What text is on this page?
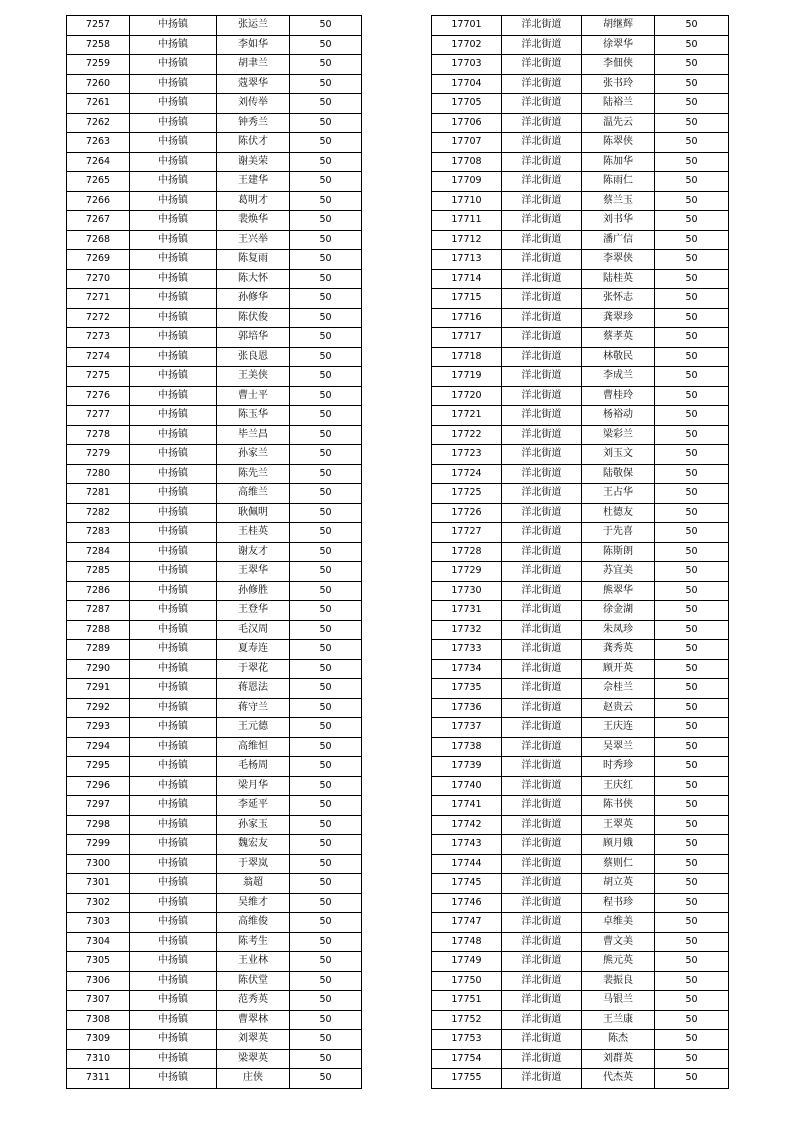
7257	中扬镇	张运兰	50
7258	中扬镇	李如华	50
7259	中扬镇	胡聿兰	50
7260	中扬镇	蔻翠华	50
7261	中扬镇	刘传举	50
7262	中扬镇	钟秀兰	50
7263	中扬镇	陈伏才	50
7264	中扬镇	谢美荣	50
7265	中扬镇	王建华	50
7266	中扬镇	葛明才	50
7267	中扬镇	裴焕华	50
7268	中扬镇	王兴举	50
7269	中扬镇	陈复雨	50
7270	中扬镇	陈大怀	50
7271	中扬镇	孙修华	50
7272	中扬镇	陈伏俊	50
7273	中扬镇	郭培华	50
7274	中扬镇	张良恩	50
7275	中扬镇	王美侠	50
7276	中扬镇	曹士平	50
7277	中扬镇	陈玉华	50
7278	中扬镇	毕兰昌	50
7279	中扬镇	孙家兰	50
7280	中扬镇	陈先兰	50
7281	中扬镇	高维兰	50
7282	中扬镇	耿佩明	50
7283	中扬镇	王桂英	50
7284	中扬镇	谢友才	50
7285	中扬镇	王翠华	50
7286	中扬镇	孙修胜	50
7287	中扬镇	王登华	50
7288	中扬镇	毛汉周	50
7289	中扬镇	夏寿连	50
7290	中扬镇	于翠花	50
7291	中扬镇	蒋恩法	50
7292	中扬镇	蒋守兰	50
7293	中扬镇	王元德	50
7294	中扬镇	高维恒	50
7295	中扬镇	毛杨周	50
7296	中扬镇	梁月华	50
7297	中扬镇	李延平	50
7298	中扬镇	孙家玉	50
7299	中扬镇	魏宏友	50
7300	中扬镇	于翠岚	50
7301	中扬镇	翁超	50
7302	中扬镇	吴维才	50
7303	中扬镇	高维俊	50
7304	中扬镇	陈考生	50
7305	中扬镇	王业林	50
7306	中扬镇	陈伏堂	50
7307	中扬镇	范秀英	50
7308	中扬镇	曹翠林	50
7309	中扬镇	刘翠英	50
7310	中扬镇	梁翠英	50
7311	中扬镇	庄侠	50
17701	洋北街道	胡继辉	50
17702	洋北街道	徐翠华	50
17703	洋北街道	李佃侠	50
17704	洋北街道	张书玲	50
17705	洋北街道	陆裕兰	50
17706	洋北街道	温先云	50
17707	洋北街道	陈翠侠	50
17708	洋北街道	陈加华	50
17709	洋北街道	陈雨仁	50
17710	洋北街道	蔡兰玉	50
17711	洋北街道	刘书华	50
17712	洋北街道	潘广信	50
17713	洋北街道	李翠侠	50
17714	洋北街道	陆桂英	50
17715	洋北街道	张怀志	50
17716	洋北街道	龚翠珍	50
17717	洋北街道	蔡孝英	50
17718	洋北街道	林敬民	50
17719	洋北街道	李成兰	50
17720	洋北街道	曹桂玲	50
17721	洋北街道	杨裕动	50
17722	洋北街道	梁彩兰	50
17723	洋北街道	刘玉文	50
17724	洋北街道	陆敬保	50
17725	洋北街道	王占华	50
17726	洋北街道	杜德友	50
17727	洋北街道	于先喜	50
17728	洋北街道	陈斯朗	50
17729	洋北街道	苏宜美	50
17730	洋北街道	熊翠华	50
17731	洋北街道	徐金湖	50
17732	洋北街道	朱凤珍	50
17733	洋北街道	龚秀英	50
17734	洋北街道	顾开英	50
17735	洋北街道	佘桂兰	50
17736	洋北街道	赵贵云	50
17737	洋北街道	王庆连	50
17738	洋北街道	吴翠兰	50
17739	洋北街道	时秀珍	50
17740	洋北街道	王庆红	50
17741	洋北街道	陈书侠	50
17742	洋北街道	王翠英	50
17743	洋北街道	顾月娥	50
17744	洋北街道	蔡则仁	50
17745	洋北街道	胡立英	50
17746	洋北街道	程书珍	50
17747	洋北街道	卓维美	50
17748	洋北街道	曹文美	50
17749	洋北街道	熊元英	50
17750	洋北街道	裴振良	50
17751	洋北街道	马银兰	50
17752	洋北街道	王兰康	50
17753	洋北街道	陈杰	50
17754	洋北街道	刘群英	50
17755	洋北街道	代杰英	50
